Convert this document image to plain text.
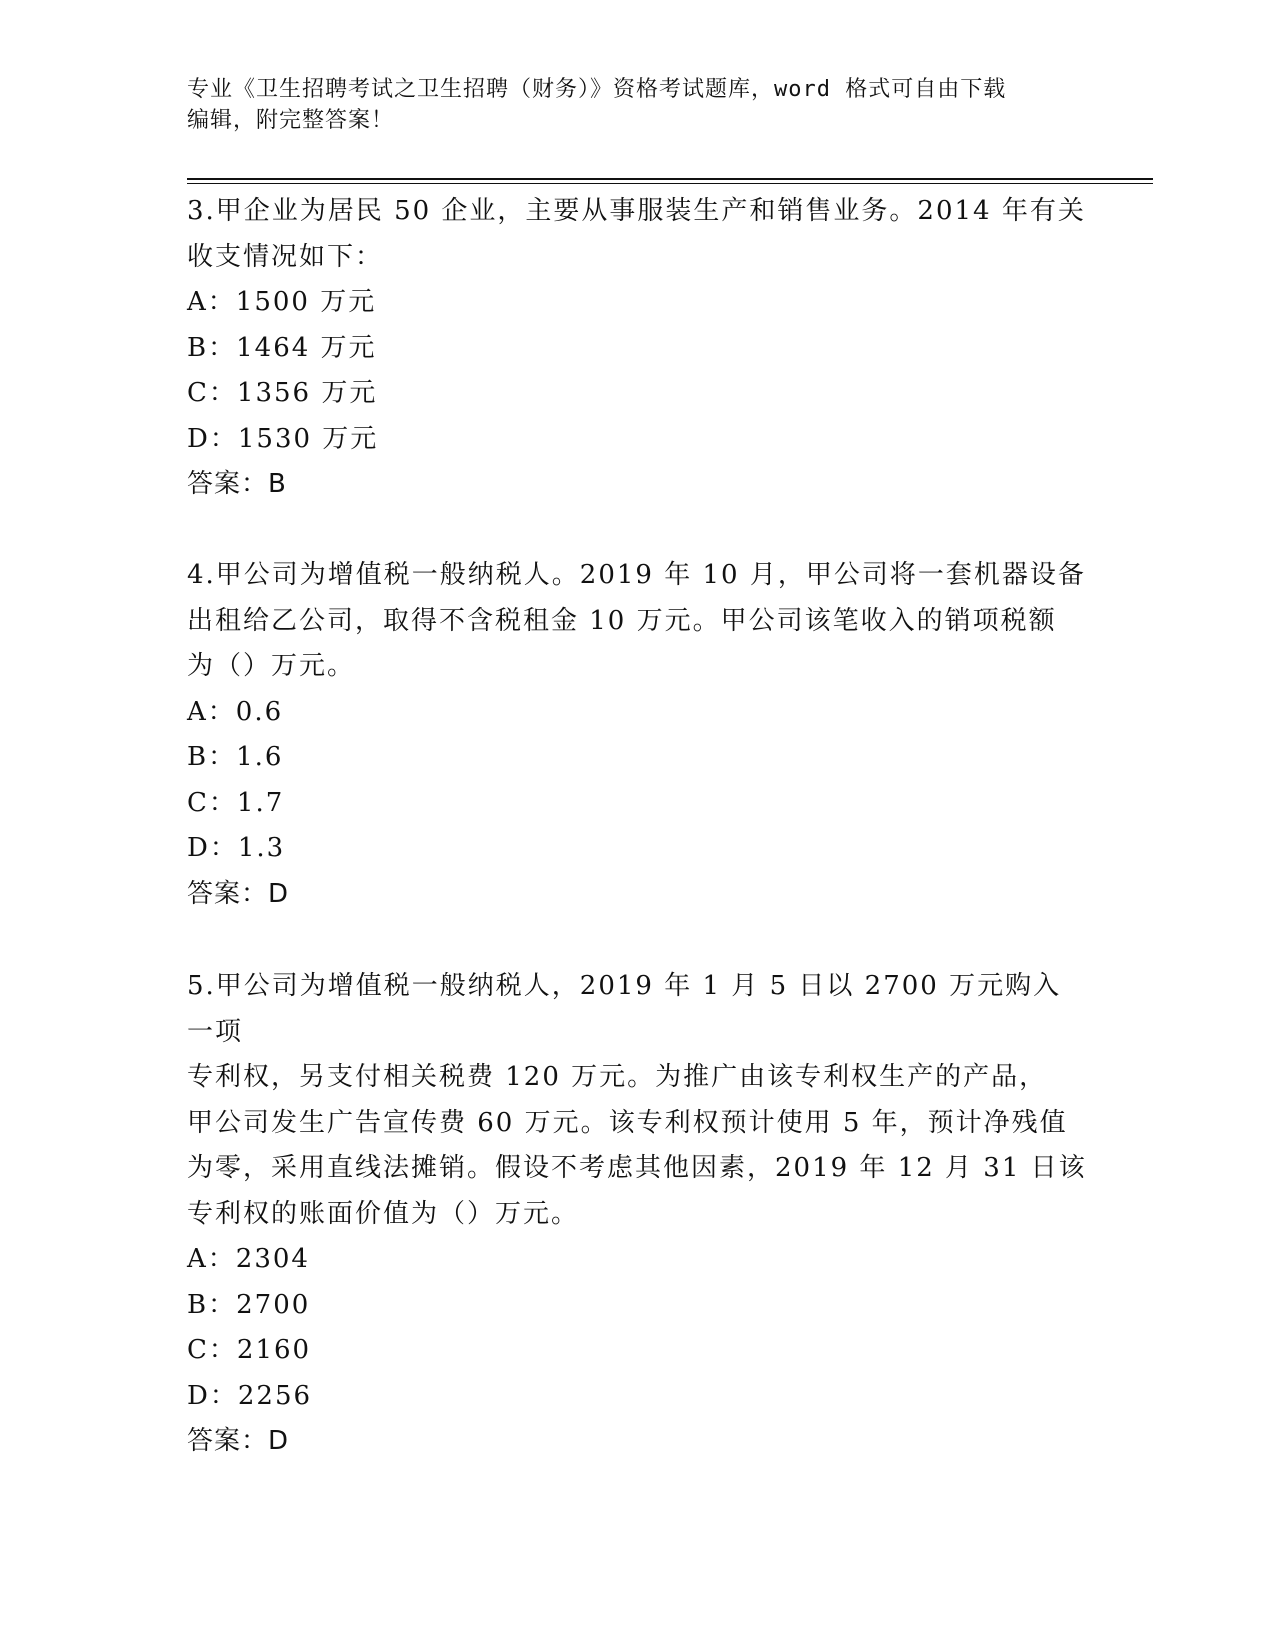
专业《卫生招聘考试之卫生招聘（财务）》资格考试题库，word 格式可自由下载
编辑，附完整答案！

3.甲企业为居民 50 企业，主要从事服装生产和销售业务。2014 年有关

收支情况如下：

A：1500 万元

B：1464 万元

C：1356 万元

D：1530 万元

答案：B

4.甲公司为增值税一般纳税人。2019 年 10 月，甲公司将一套机器设备

出租给乙公司，取得不含税租金 10 万元。甲公司该笔收入的销项税额

为（）万元。

A：0.6

B：1.6

C：1.7

D：1.3

答案：D

5.甲公司为增值税一般纳税人，2019 年 1 月 5 日以 2700 万元购入一项

专利权，另支付相关税费 120 万元。为推广由该专利权生产的产品，

甲公司发生广告宣传费 60 万元。该专利权预计使用 5 年，预计净残值

为零，采用直线法摊销。假设不考虑其他因素，2019 年 12 月 31 日该

专利权的账面价值为（）万元。

A：2304

B：2700

C：2160

D：2256

答案：D
